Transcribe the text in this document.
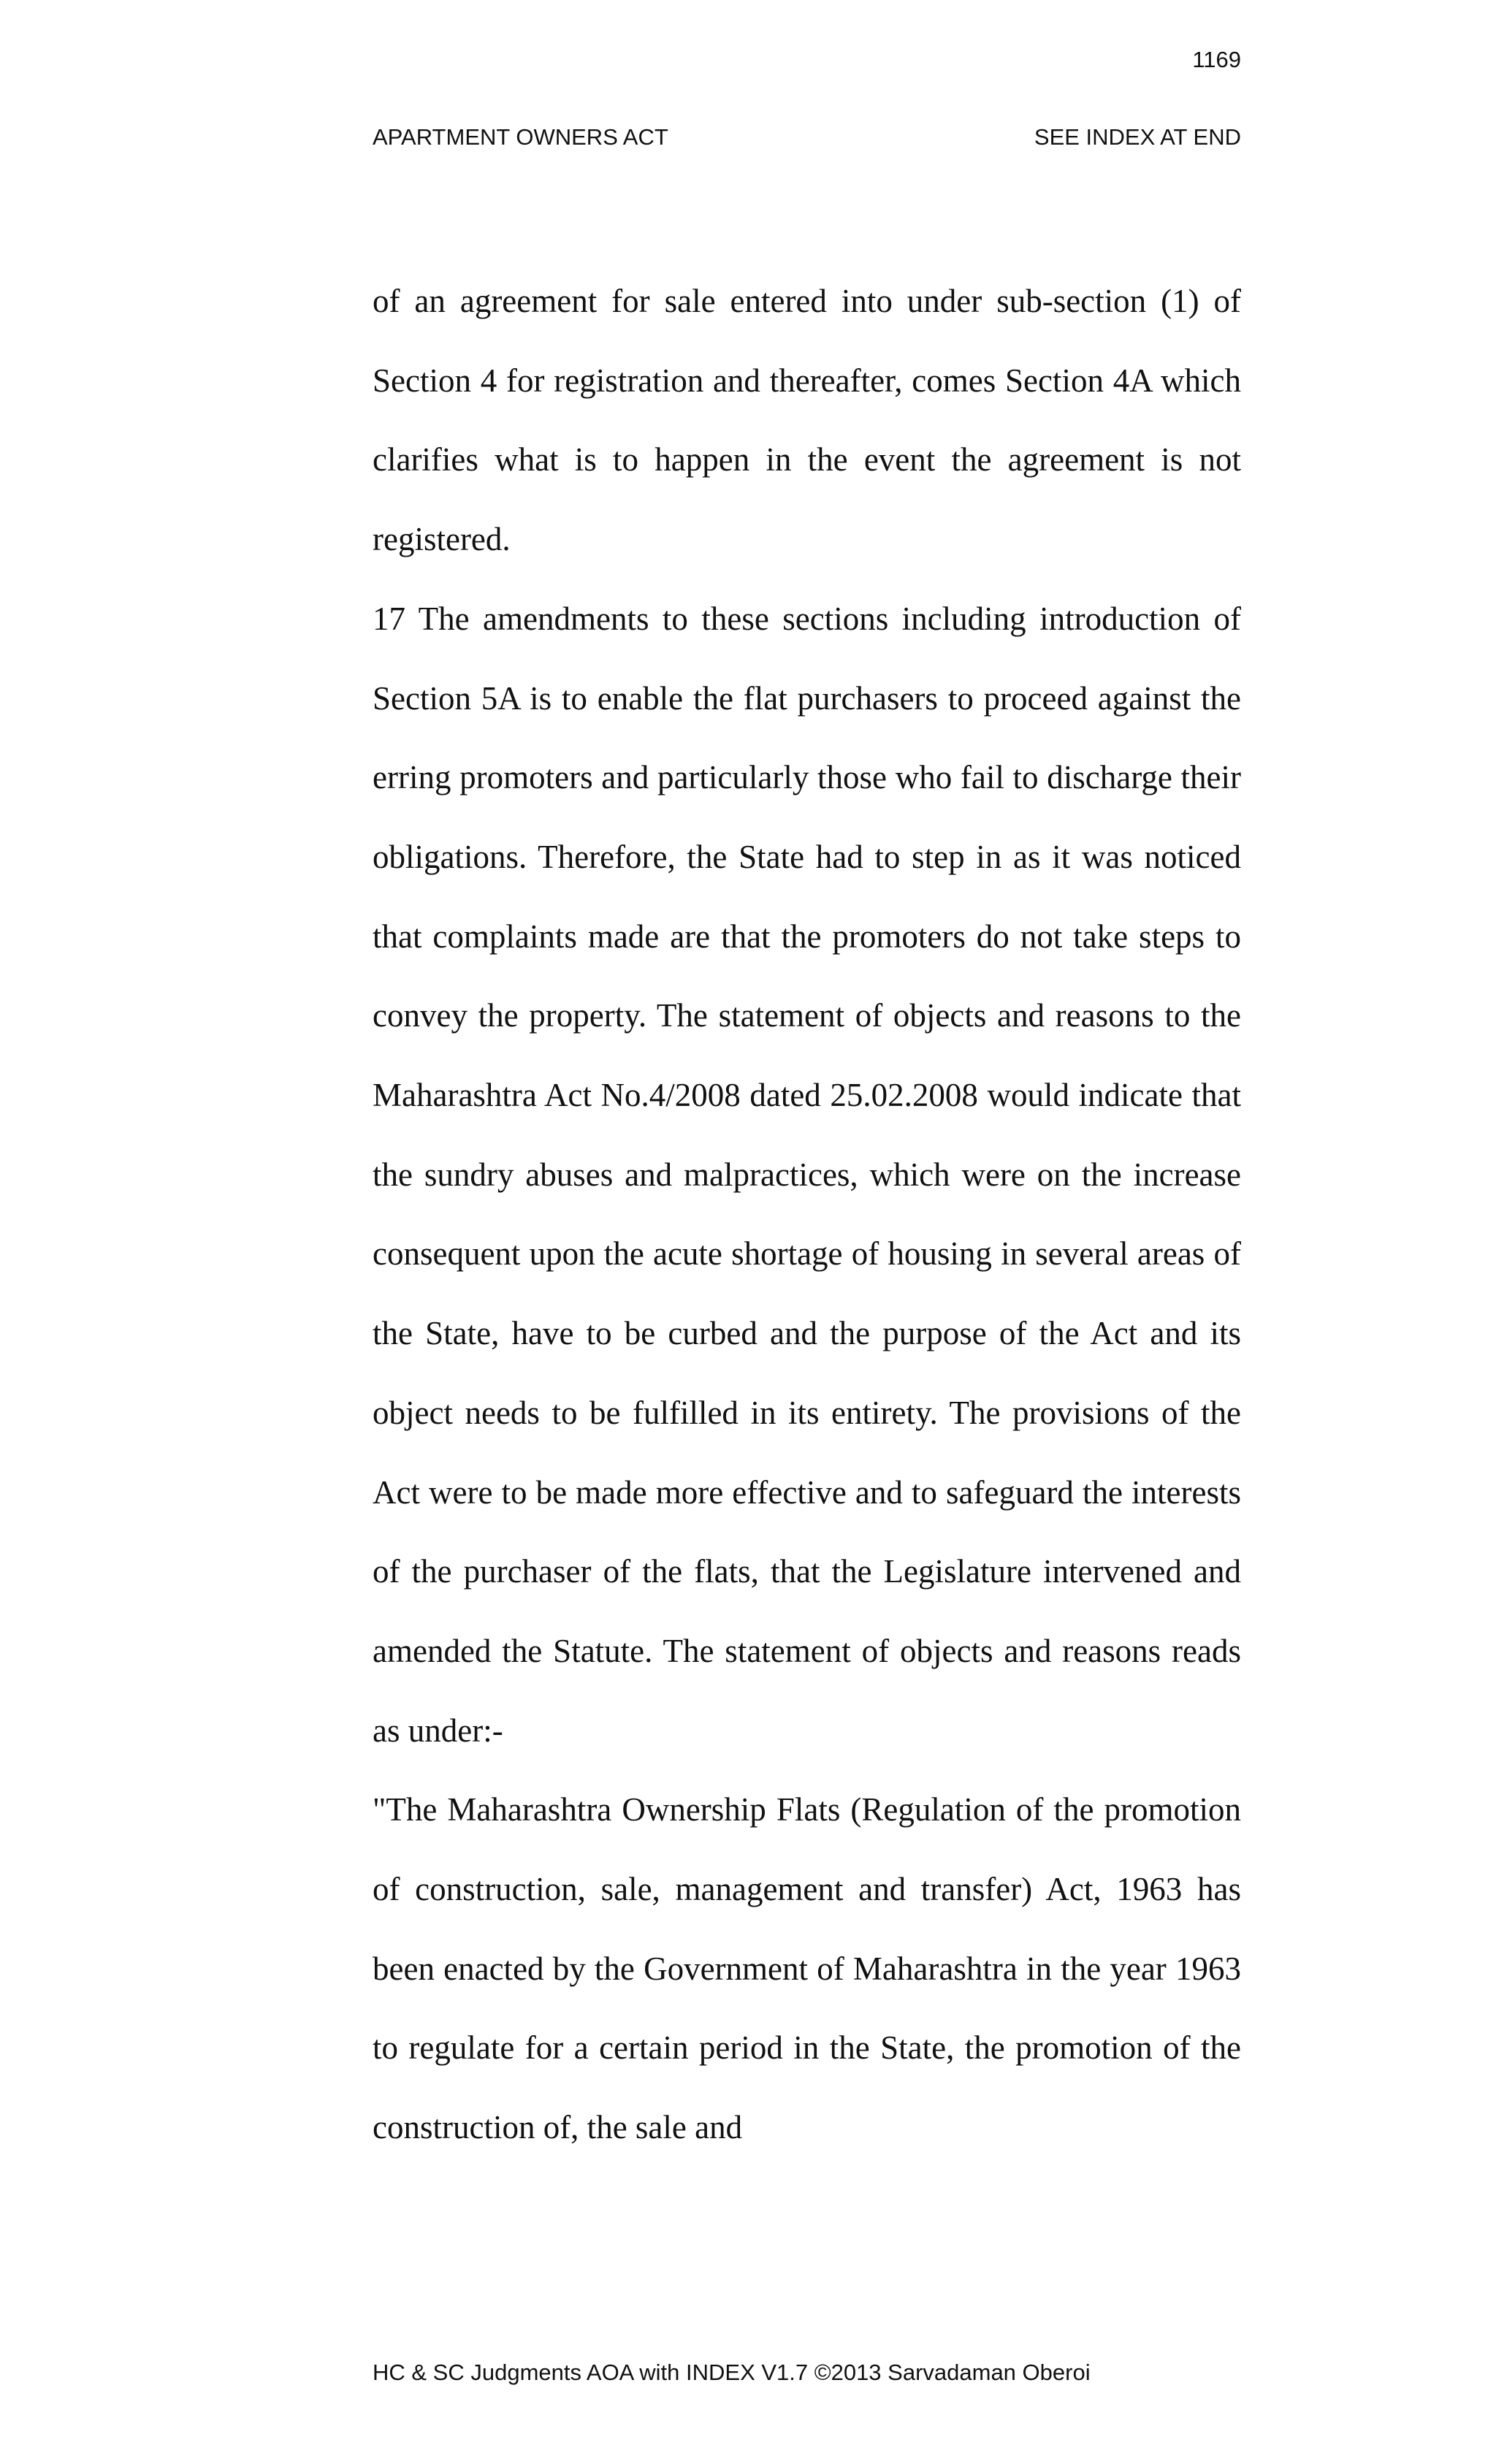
1169
APARTMENT OWNERS ACT	SEE INDEX AT END

of an agreement for sale entered into under sub-section (1) of Section 4 for registration and thereafter, comes Section 4A which clarifies what is to happen in the event the agreement is not registered.

17 The amendments to these sections including introduction of Section 5A is to enable the flat purchasers to proceed against the erring promoters and particularly those who fail to discharge their obligations. Therefore, the State had to step in as it was noticed that complaints made are that the promoters do not take steps to convey the property. The statement of objects and reasons to the Maharashtra Act No.4/2008 dated 25.02.2008 would indicate that the sundry abuses and malpractices, which were on the increase consequent upon the acute shortage of housing in several areas of the State, have to be curbed and the purpose of the Act and its object needs to be fulfilled in its entirety. The provisions of the Act were to be made more effective and to safeguard the interests of the purchaser of the flats, that the Legislature intervened and amended the Statute. The statement of objects and reasons reads as under:-

"The Maharashtra Ownership Flats (Regulation of the promotion of construction, sale, management and transfer) Act, 1963 has been enacted by the Government of Maharashtra in the year 1963 to regulate for a certain period in the State, the promotion of the construction of, the sale and

HC & SC Judgments AOA with INDEX V1.7 ©2013 Sarvadaman Oberoi
